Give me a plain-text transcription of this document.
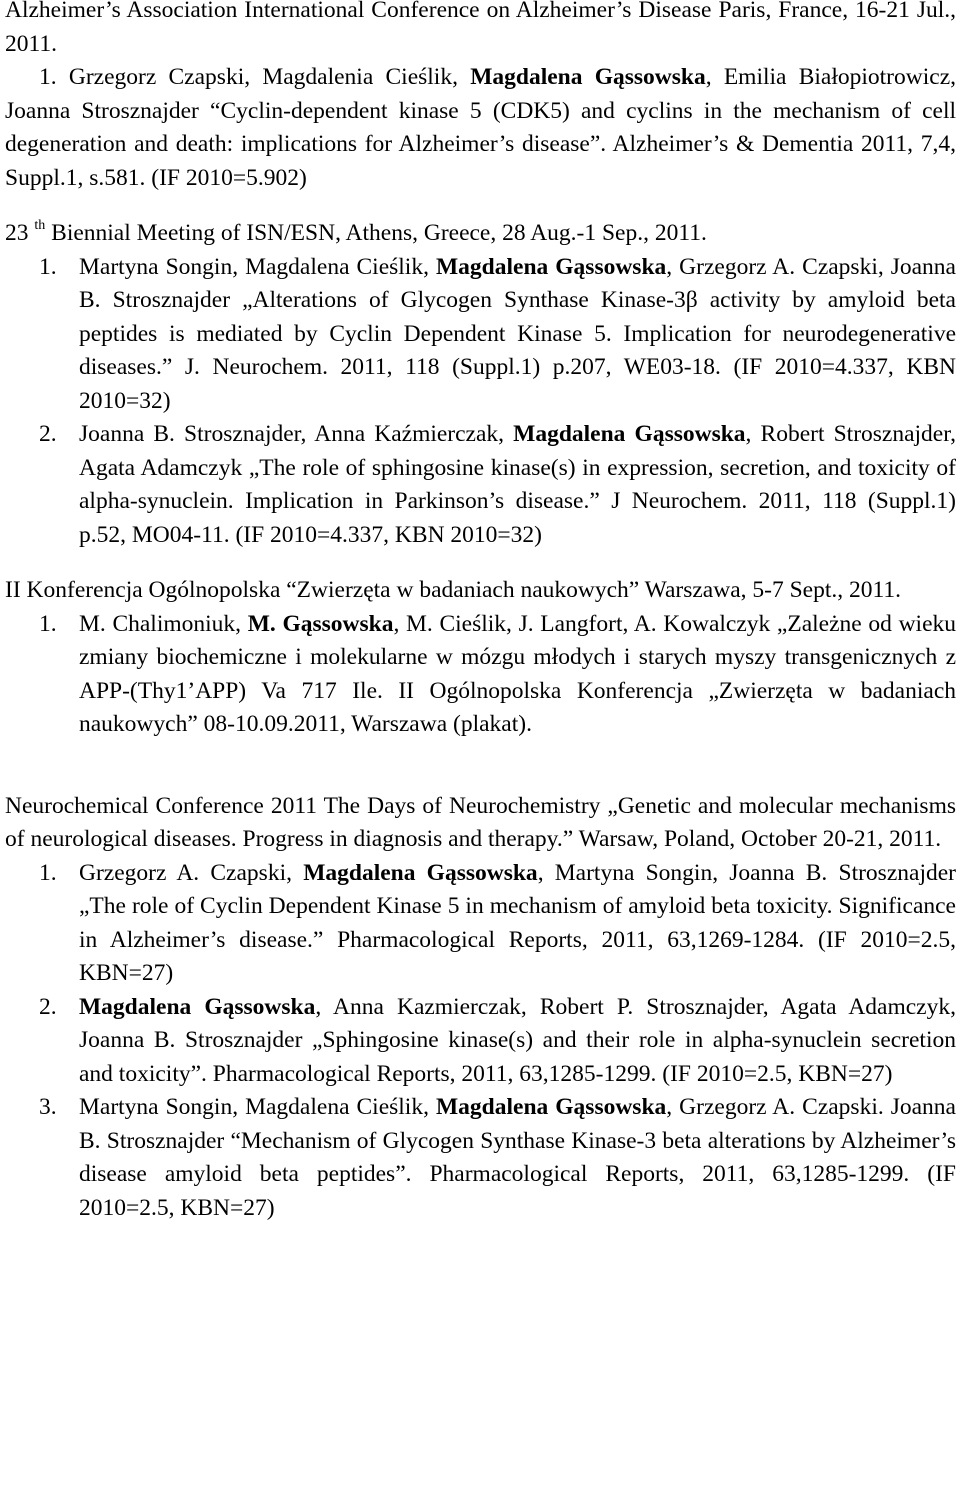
Alzheimer’s Association International Conference on Alzheimer’s Disease Paris, France, 16-21 Jul., 2011.

1. Grzegorz Czapski, Magdalenia Cieślik, Magdalena Gąssowska, Emilia Białopiotrowicz, Joanna Strosznajder “Cyclin-dependent kinase 5 (CDK5) and cyclins in the mechanism of cell degeneration and death: implications for Alzheimer’s disease”. Alzheimer’s & Dementia 2011, 7,4, Suppl.1, s.581. (IF 2010=5.902)

23 $^{th}$ Biennial Meeting of ISN/ESN, Athens, Greece, 28 Aug.-1 Sep., 2011.

1. Martyna Songin, Magdalena Cieślik, Magdalena Gąssowska, Grzegorz A. Czapski, Joanna B. Strosznajder „Alterations of Glycogen Synthase Kinase-3β activity by amyloid beta peptides is mediated by Cyclin Dependent Kinase 5. Implication for neurodegenerative diseases.” J. Neurochem. 2011, 118 (Suppl.1) p.207, WE03-18. (IF 2010=4.337, KBN 2010=32)
2. Joanna B. Strosznajder, Anna Kaźmierczak, Magdalena Gąssowska, Robert Strosznajder, Agata Adamczyk „The role of sphingosine kinase(s) in expression, secretion, and toxicity of alpha-synuclein. Implication in Parkinson’s disease.” J Neurochem. 2011, 118 (Suppl.1) p.52, MO04-11. (IF 2010=4.337, KBN 2010=32)

II Konferencja Ogólnopolska “Zwierzęta w badaniach naukowych” Warszawa, 5-7 Sept., 2011.

1. M. Chalimoniuk, M. Gąssowska, M. Cieślik, J. Langfort, A. Kowalczyk „Zależne od wieku zmiany biochemiczne i molekularne w mózgu młodych i starych myszy transgenicznych z APP-(Thy1’APP) Va 717 Ile. II Ogólnopolska Konferencja „Zwierzęta w badaniach naukowych” 08-10.09.2011, Warszawa (plakat).

Neurochemical Conference 2011 The Days of Neurochemistry „Genetic and molecular mechanisms of neurological diseases. Progress in diagnosis and therapy.” Warsaw, Poland, October 20-21, 2011.

1. Grzegorz A. Czapski, Magdalena Gąssowska, Martyna Songin, Joanna B. Strosznajder „The role of Cyclin Dependent Kinase 5 in mechanism of amyloid beta toxicity. Significance in Alzheimer’s disease.” Pharmacological Reports, 2011, 63,1269-1284. (IF 2010=2.5, KBN=27)
2. Magdalena Gąssowska, Anna Kazmierczak, Robert P. Strosznajder, Agata Adamczyk, Joanna B. Strosznajder „Sphingosine kinase(s) and their role in alpha-synuclein secretion and toxicity”. Pharmacological Reports, 2011, 63,1285-1299. (IF 2010=2.5, KBN=27)
3. Martyna Songin, Magdalena Cieślik, Magdalena Gąssowska, Grzegorz A. Czapski. Joanna B. Strosznajder “Mechanism of Glycogen Synthase Kinase-3 beta alterations by Alzheimer’s disease amyloid beta peptides”. Pharmacological Reports, 2011, 63,1285-1299. (IF 2010=2.5, KBN=27)
